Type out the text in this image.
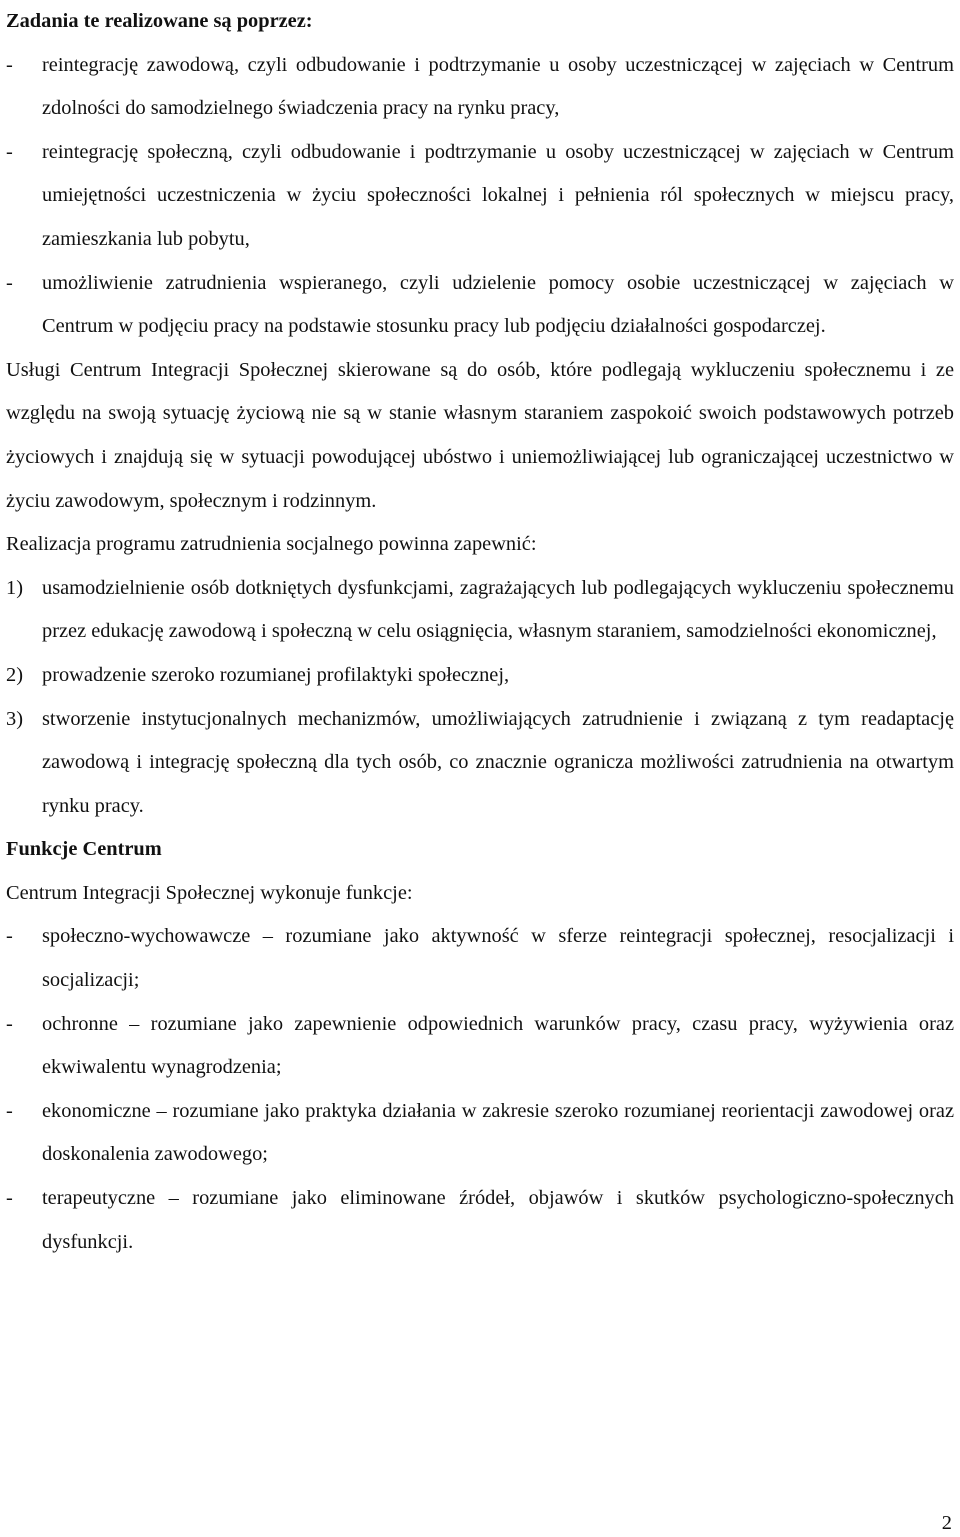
Zadania te realizowane są poprzez:

- reintegrację zawodową, czyli odbudowanie i podtrzymanie u osoby uczestniczącej w zajęciach w Centrum zdolności do samodzielnego świadczenia pracy na rynku pracy,

- reintegrację społeczną, czyli odbudowanie i podtrzymanie u osoby uczestniczącej w zajęciach w Centrum umiejętności uczestniczenia w życiu społeczności lokalnej i pełnienia ról społecznych w miejscu pracy, zamieszkania lub pobytu,

- umożliwienie zatrudnienia wspieranego, czyli udzielenie pomocy osobie uczestniczącej w zajęciach w Centrum w podjęciu pracy na podstawie stosunku pracy lub podjęciu działalności gospodarczej.

Usługi Centrum Integracji Społecznej skierowane są do osób, które podlegają wykluczeniu społecznemu i ze względu na swoją sytuację życiową nie są w stanie własnym staraniem zaspokoić swoich podstawowych potrzeb życiowych i znajdują się w sytuacji powodującej ubóstwo i uniemożliwiającej lub ograniczającej uczestnictwo w życiu zawodowym, społecznym i rodzinnym.

Realizacja programu zatrudnienia socjalnego powinna zapewnić:

1) usamodzielnienie osób dotkniętych dysfunkcjami, zagrażających lub podlegających wykluczeniu społecznemu przez edukację zawodową i społeczną w celu osiągnięcia, własnym staraniem, samodzielności ekonomicznej,

2) prowadzenie szeroko rozumianej profilaktyki społecznej,

3) stworzenie instytucjonalnych mechanizmów, umożliwiających zatrudnienie i związaną z tym readaptację zawodową i integrację społeczną dla tych osób, co znacznie ogranicza możliwości zatrudnienia na otwartym rynku pracy.

Funkcje Centrum

Centrum Integracji Społecznej wykonuje funkcje:

- społeczno-wychowawcze – rozumiane jako aktywność w sferze reintegracji społecznej, resocjalizacji i socjalizacji;

- ochronne – rozumiane jako zapewnienie odpowiednich warunków pracy, czasu pracy, wyżywienia oraz ekwiwalentu wynagrodzenia;

- ekonomiczne – rozumiane jako praktyka działania w zakresie szeroko rozumianej reorientacji zawodowej oraz doskonalenia zawodowego;

- terapeutyczne – rozumiane jako eliminowane źródeł, objawów i skutków psychologiczno-społecznych dysfunkcji.

2
